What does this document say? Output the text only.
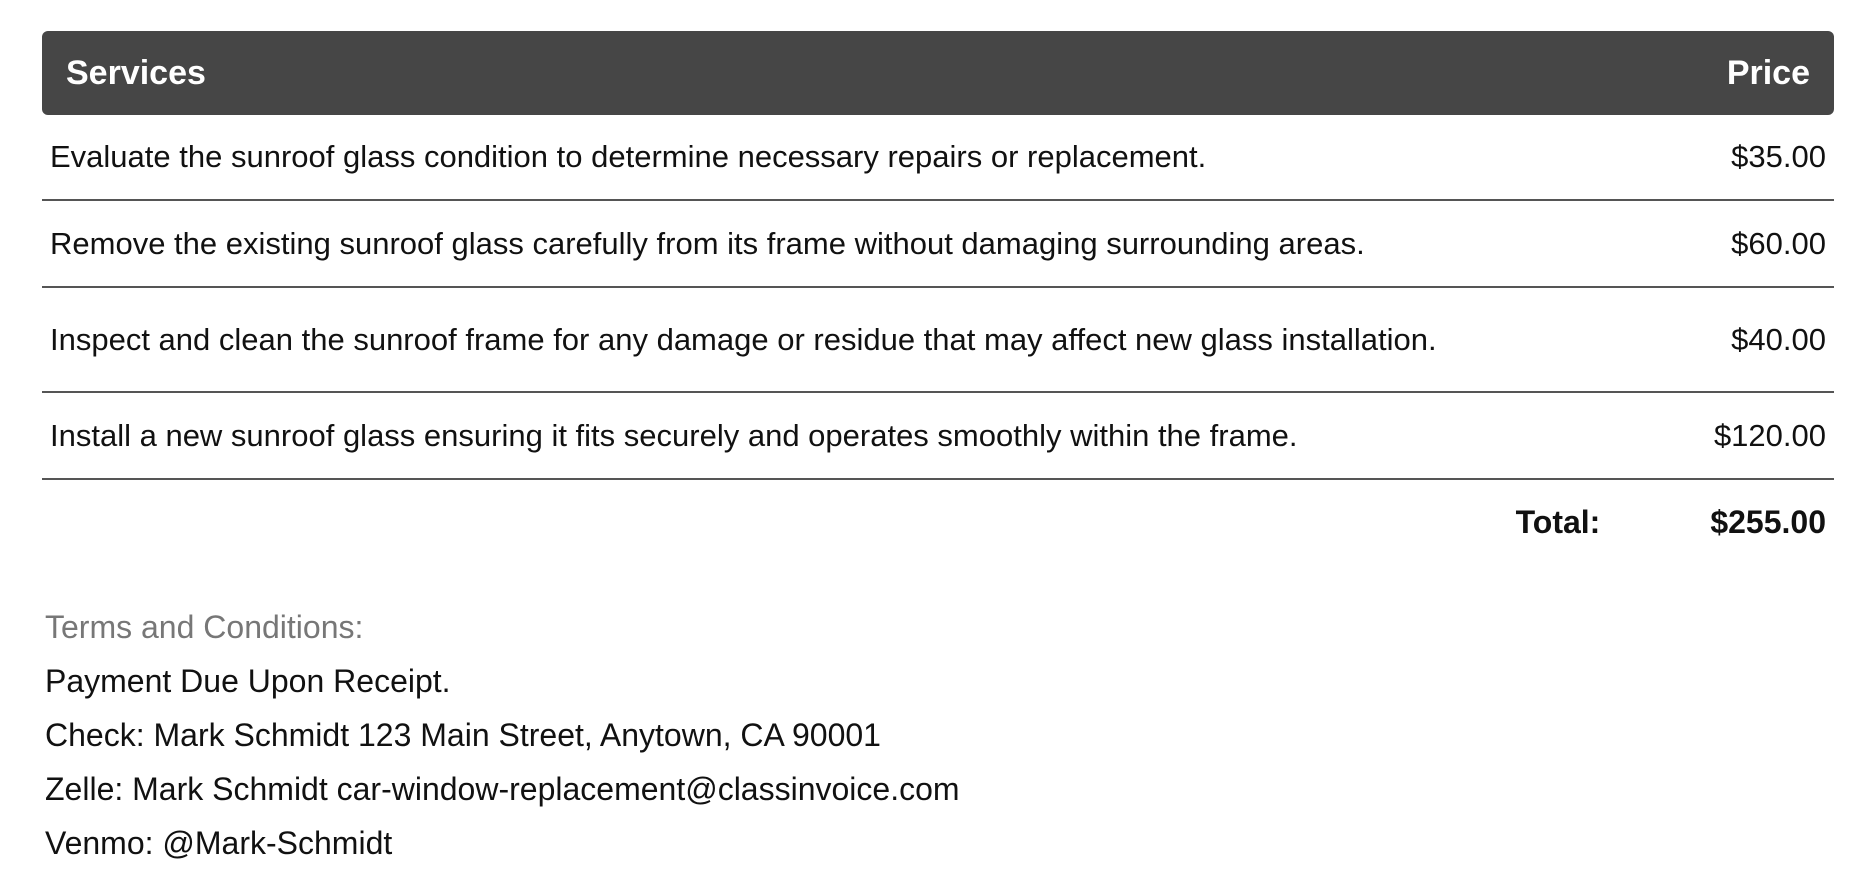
Services	Price
Evaluate the sunroof glass condition to determine necessary repairs or replacement.	$35.00
Remove the existing sunroof glass carefully from its frame without damaging surrounding areas.	$60.00
Inspect and clean the sunroof frame for any damage or residue that may affect new glass installation.	$40.00
Install a new sunroof glass ensuring it fits securely and operates smoothly within the frame.	$120.00
Total:	$255.00
Terms and Conditions:
Payment Due Upon Receipt.
Check: Mark Schmidt 123 Main Street, Anytown, CA 90001
Zelle: Mark Schmidt car-window-replacement@classinvoice.com
Venmo: @Mark-Schmidt
